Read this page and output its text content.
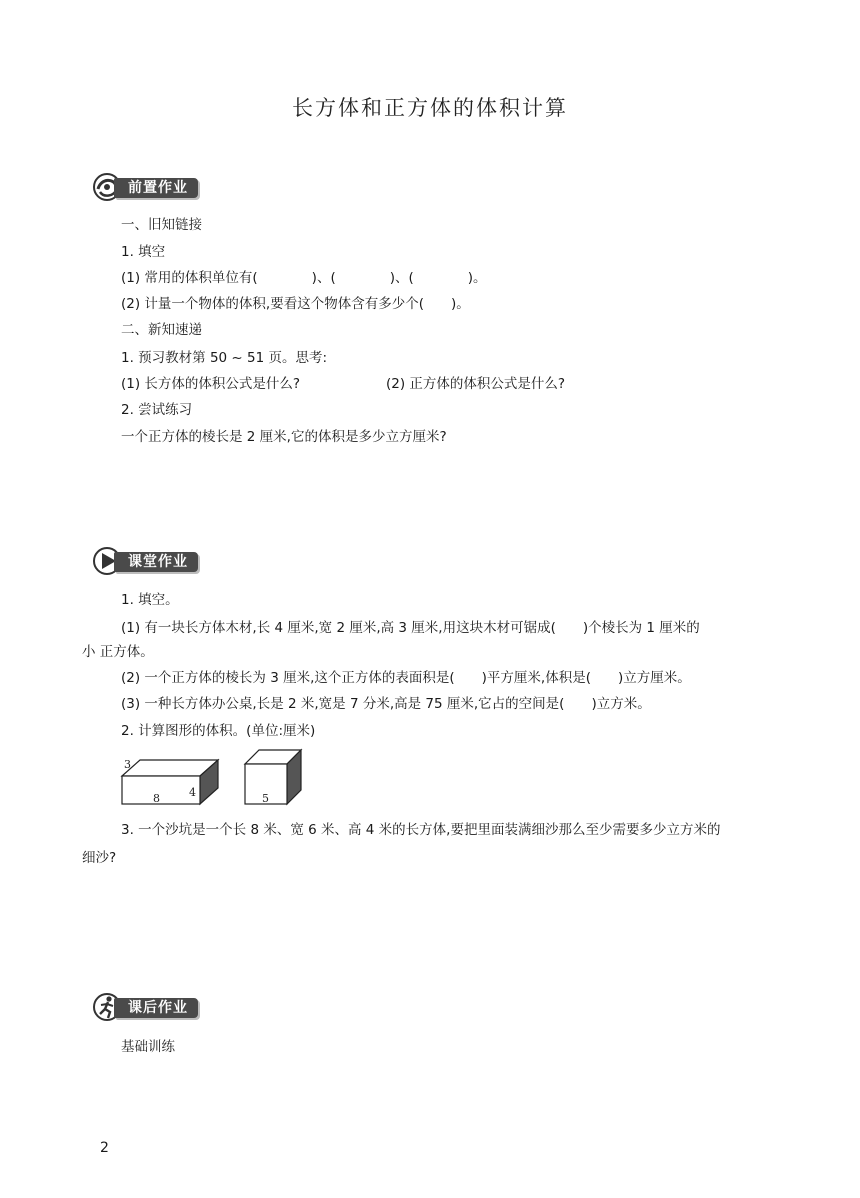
长方体和正方体的体积计算
前置作业
一、旧知链接
1. 填空
(1) 常用的体积单位有(　　　　)、(　　　　)、(　　　　)。
(2) 计量一个物体的体积,要看这个物体含有多少个(　　)。
二、新知速递
1. 预习教材第 50 ~ 51 页。思考:
(1) 长方体的体积公式是什么?	(2) 正方体的体积公式是什么?
2. 尝试练习
一个正方体的棱长是 2 厘米,它的体积是多少立方厘米?
课堂作业
1. 填空。
(1) 有一块长方体木材,长 4 厘米,宽 2 厘米,高 3 厘米,用这块木材可锯成(　　)个棱长为 1 厘米的
小 正方体。
(2) 一个正方体的棱长为 3 厘米,这个正方体的表面积是(　　)平方厘米,体积是(　　)立方厘米。
(3) 一种长方体办公桌,长是 2 米,宽是 7 分米,高是 75 厘米,它占的空间是(　　)立方米。
2. 计算图形的体积。(单位:厘米)
3
8	4	5
3. 一个沙坑是一个长 8 米、宽 6 米、高 4 米的长方体,要把里面装满细沙那么至少需要多少立方米的
细沙?
课后作业
基础训练
2
